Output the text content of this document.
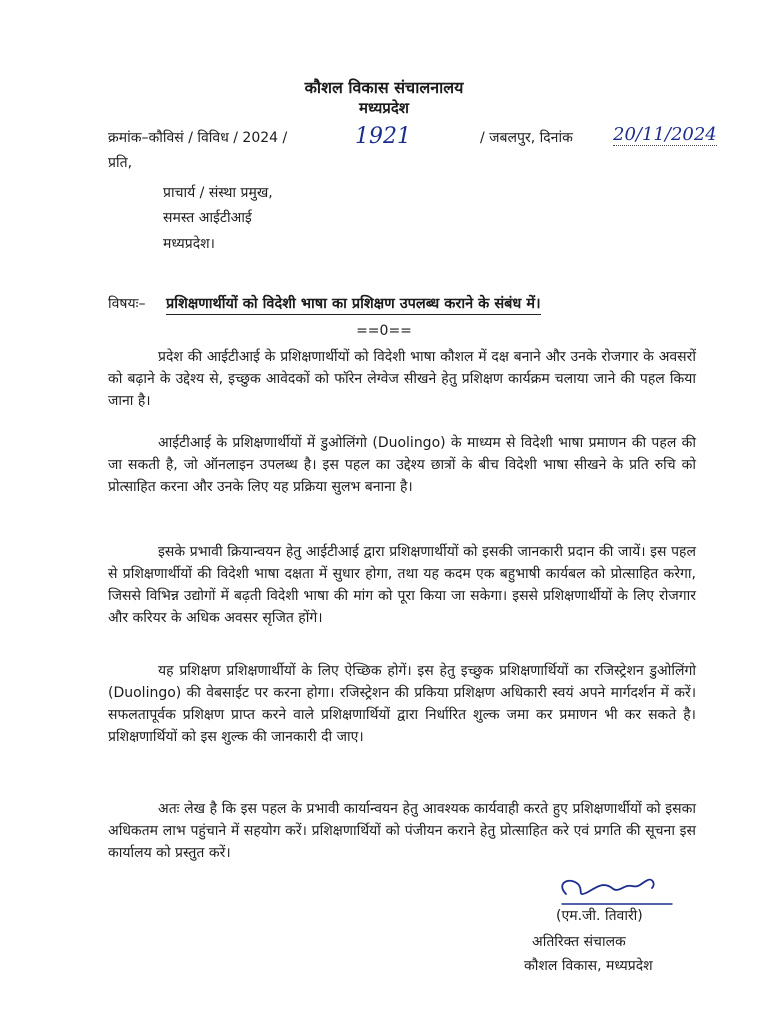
कौशल विकास संचालनालय
मध्यप्रदेश
क्रमांक–कौविसं / विविध / 2024 /	1921	/ जबलपुर, दिनांक 20/11/2024
प्रति,
प्राचार्य / संस्था प्रमुख,
समस्त आईटीआई
मध्यप्रदेश।
विषयः– प्रशिक्षणार्थीयों को विदेशी भाषा का प्रशिक्षण उपलब्ध कराने के संबंध में।
==0==
प्रदेश की आईटीआई के प्रशिक्षणार्थीयों को विदेशी भाषा कौशल में दक्ष बनाने और उनके रोजगार के अवसरों को बढ़ाने के उद्देश्य से, इच्छुक आवेदकों को फॉरेन लेग्वेज सीखने हेतु प्रशिक्षण कार्यक्रम चलाया जाने की पहल किया जाना है।
आईटीआई के प्रशिक्षणार्थीयों में डुओलिंगो (Duolingo) के माध्यम से विदेशी भाषा प्रमाणन की पहल की जा सकती है, जो ऑनलाइन उपलब्ध है। इस पहल का उद्देश्य छात्रों के बीच विदेशी भाषा सीखने के प्रति रुचि को प्रोत्साहित करना और उनके लिए यह प्रक्रिया सुलभ बनाना है।
इसके प्रभावी क्रियान्वयन हेतु आईटीआई द्वारा प्रशिक्षणार्थीयों को इसकी जानकारी प्रदान की जायें। इस पहल से प्रशिक्षणार्थीयों की विदेशी भाषा दक्षता में सुधार होगा, तथा यह कदम एक बहुभाषी कार्यबल को प्रोत्साहित करेगा, जिससे विभिन्न उद्योगों में बढ़ती विदेशी भाषा की मांग को पूरा किया जा सकेगा। इससे प्रशिक्षणार्थीयों के लिए रोजगार और करियर के अधिक अवसर सृजित होंगे।
यह प्रशिक्षण प्रशिक्षणार्थीयों के लिए ऐच्छिक होगें। इस हेतु इच्छुक प्रशिक्षणार्थियों का रजिस्ट्रेशन डुओलिंगो (Duolingo) की वेबसाईट पर करना होगा। रजिस्ट्रेशन की प्रकिया प्रशिक्षण अधिकारी स्वयं अपने मार्गदर्शन में करें। सफलतापूर्वक प्रशिक्षण प्राप्त करने वाले प्रशिक्षणार्थियों द्वारा निर्धारित शुल्क जमा कर प्रमाणन भी कर सकते है। प्रशिक्षणार्थियों को इस शुल्क की जानकारी दी जाए।
अतः लेख है कि इस पहल के प्रभावी कार्यान्वयन हेतु आवश्यक कार्यवाही करते हुए प्रशिक्षणार्थीयों को इसका अधिकतम लाभ पहुंचाने में सहयोग करें। प्रशिक्षणार्थियों को पंजीयन कराने हेतु प्रोत्साहित करे एवं प्रगति की सूचना इस कार्यालय को प्रस्तुत करें।
(एम.जी. तिवारी)
अतिरिक्त संचालक
कौशल विकास, मध्यप्रदेश
